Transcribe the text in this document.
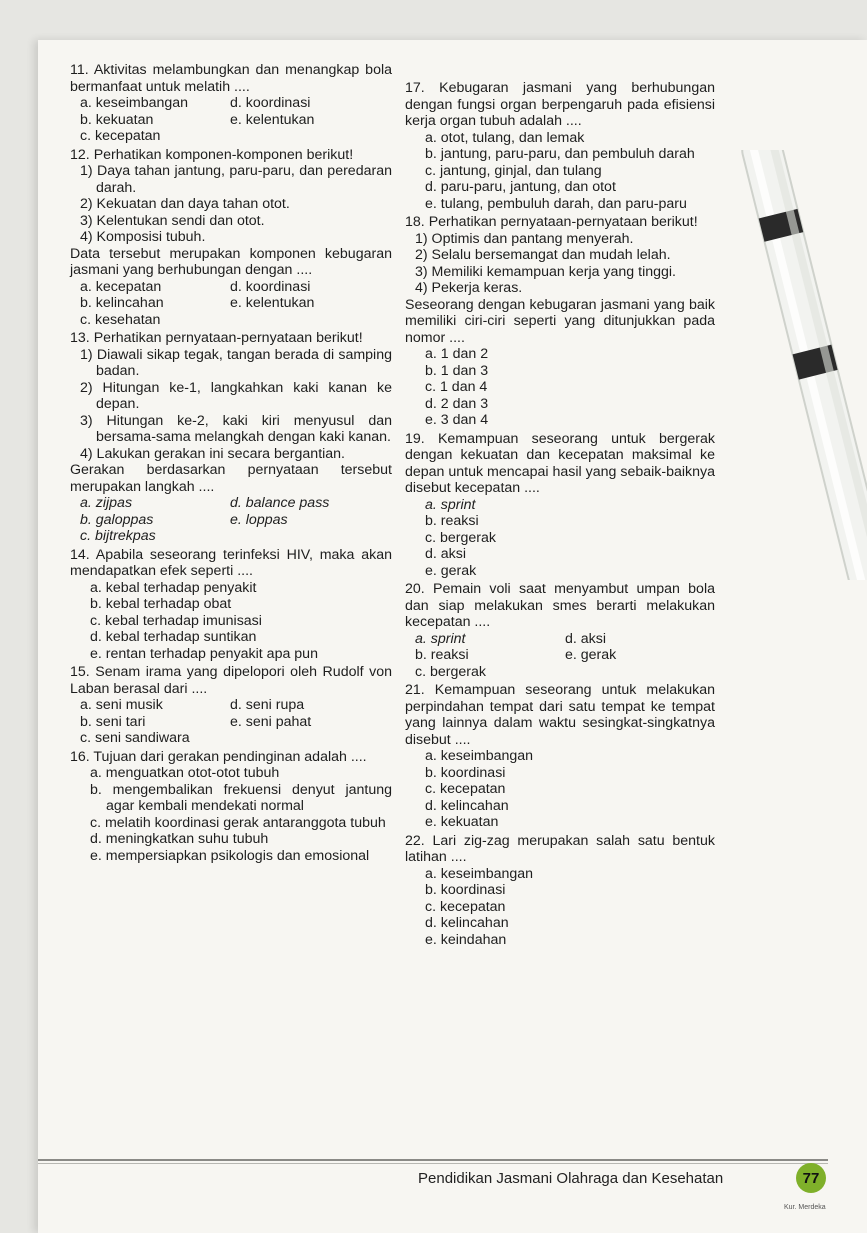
11. Aktivitas melambungkan dan menangkap bola bermanfaat untuk melatih ....
a. keseimbangan	d. koordinasi
b. kekuatan	e. kelentukan
c. kecepatan
12. Perhatikan komponen-komponen berikut!
1) Daya tahan jantung, paru-paru, dan peredaran darah.
2) Kekuatan dan daya tahan otot.
3) Kelentukan sendi dan otot.
4) Komposisi tubuh.
Data tersebut merupakan komponen kebugaran jasmani yang berhubungan dengan ....
a. kecepatan	d. koordinasi
b. kelincahan	e. kelentukan
c. kesehatan
13. Perhatikan pernyataan-pernyataan berikut!
1) Diawali sikap tegak, tangan berada di samping badan.
2) Hitungan ke-1, langkahkan kaki kanan ke depan.
3) Hitungan ke-2, kaki kiri menyusul dan bersama-sama melangkah dengan kaki kanan.
4) Lakukan gerakan ini secara bergantian.
Gerakan berdasarkan pernyataan tersebut merupakan langkah ....
a. zijpas	d. balance pass
b. galoppas	e. loppas
c. bijtrekpas
14. Apabila seseorang terinfeksi HIV, maka akan mendapatkan efek seperti ....
a. kebal terhadap penyakit
b. kebal terhadap obat
c. kebal terhadap imunisasi
d. kebal terhadap suntikan
e. rentan terhadap penyakit apa pun
15. Senam irama yang dipelopori oleh Rudolf von Laban berasal dari ....
a. seni musik	d. seni rupa
b. seni tari	e. seni pahat
c. seni sandiwara
16. Tujuan dari gerakan pendinginan adalah ....
a. menguatkan otot-otot tubuh
b. mengembalikan frekuensi denyut jantung agar kembali mendekati normal
c. melatih koordinasi gerak antaranggota tubuh
d. meningkatkan suhu tubuh
e. mempersiapkan psikologis dan emosional
17. Kebugaran jasmani yang berhubungan dengan fungsi organ berpengaruh pada efisiensi kerja organ tubuh adalah ....
a. otot, tulang, dan lemak
b. jantung, paru-paru, dan pembuluh darah
c. jantung, ginjal, dan tulang
d. paru-paru, jantung, dan otot
e. tulang, pembuluh darah, dan paru-paru
18. Perhatikan pernyataan-pernyataan berikut!
1) Optimis dan pantang menyerah.
2) Selalu bersemangat dan mudah lelah.
3) Memiliki kemampuan kerja yang tinggi.
4) Pekerja keras.
Seseorang dengan kebugaran jasmani yang baik memiliki ciri-ciri seperti yang ditunjukkan pada nomor ....
a. 1 dan 2
b. 1 dan 3
c. 1 dan 4
d. 2 dan 3
e. 3 dan 4
19. Kemampuan seseorang untuk bergerak dengan kekuatan dan kecepatan maksimal ke depan untuk mencapai hasil yang sebaik-baiknya disebut kecepatan ....
a. sprint
b. reaksi
c. bergerak
d. aksi
e. gerak
20. Pemain voli saat menyambut umpan bola dan siap melakukan smes berarti melakukan kecepatan ....
a. sprint	d. aksi
b. reaksi	e. gerak
c. bergerak
21. Kemampuan seseorang untuk melakukan perpindahan tempat dari satu tempat ke tempat yang lainnya dalam waktu sesingkat-singkatnya disebut ....
a. keseimbangan
b. koordinasi
c. kecepatan
d. kelincahan
e. kekuatan
22. Lari zig-zag merupakan salah satu bentuk latihan ....
a. keseimbangan
b. koordinasi
c. kecepatan
d. kelincahan
e. keindahan
Pendidikan Jasmani Olahraga dan Kesehatan	77
Kur. Merdeka
